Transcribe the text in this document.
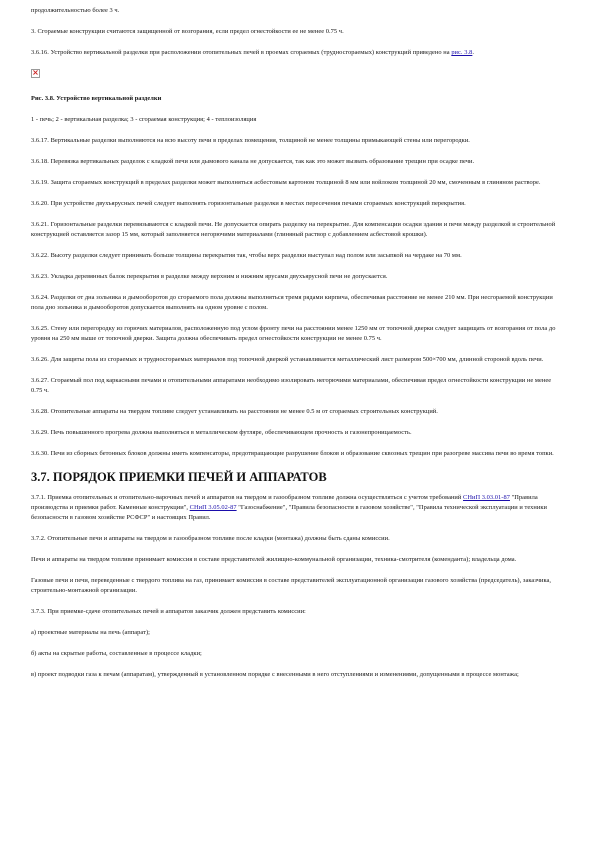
продолжительностью более 3 ч.

3. Сгораемые конструкции считаются защищенной от возгорания, если предел огнестойкости ее не менее 0.75 ч.

3.6.16. Устройство вертикальной разделки при расположении отопительных печей в проемах сгораемых (трудносгораемых) конструкций приведено на рис. 3.8.

×

Рис. 3.8. Устройство вертикальной разделки

1 - печь; 2 - вертикальная разделка; 3 - сгораемая конструкция; 4 - теплоизоляция

3.6.17. Вертикальные разделки выполняются на всю высоту печи в пределах помещения, толщиной не менее толщины примыкающей стены или перегородки.

3.6.18. Перевязка вертикальных разделок с кладкой печи или дымового канала не допускается, так как это может вызвать образование трещин при осадке печи.

3.6.19. Защита сгораемых конструкций в пределах разделки может выполняться асбестовым картоном толщиной 8 мм или войлоком толщиной 20 мм, смоченным в глиняном растворе.

3.6.20. При устройстве двухъярусных печей следует выполнять горизонтальные разделки в местах пересечения печами сгораемых конструкций перекрытия.

3.6.21. Горизонтальные разделки перевязываются с кладкой печи. Не допускается опирать разделку на перекрытие. Для компенсации осадки здания и печи между разделкой и строительной конструкцией оставляется зазор 15 мм, который заполняется негорючими материалами (глиняный раствор с добавлением асбестовой крошки).

3.6.22. Высоту разделки следует принимать больше толщины перекрытия так, чтобы верх разделки выступал над полом или засыпкой на чердаке на 70 мм.

3.6.23. Укладка деревянных балок перекрытия в разделке между верхним и нижним ярусами двухъярусной печи не допускается.

3.6.24. Разделки от дна зольника и дымооборотов до сгораемого пола должны выполняться тремя рядами кирпича, обеспечивая расстояние не менее 210 мм. При несгораемой конструкции пола дно зольника и дымооборотов допускается выполнять на одном уровне с полом.

3.6.25. Стену или перегородку из горючих материалов, расположенную под углом фронту печи на расстоянии менее 1250 мм от топочной дверки следует защищать от возгорания от пола до уровня на 250 мм выше от топочной дверки. Защита должна обеспечивать предел огнестойкости конструкции не менее 0.75 ч.

3.6.26. Для защиты пола из сгораемых и трудносгораемых материалов под топочной дверкой устанавливается металлический лист размером 500×700 мм, длинной стороной вдоль печи.

3.6.27. Сгораемый пол под каркасными печами и отопительными аппаратами необходимо изолировать негорючими материалами, обеспечивая предел огнестойкости конструкции не менее 0.75 ч.

3.6.28. Отопительные аппараты на твердом топливе следует устанавливать на расстоянии не менее 0.5 м от сгораемых строительных конструкций.

3.6.29. Печь повышенного прогрева должна выполняться в металлическом футляре, обеспечивающем прочность и газонепроницаемость.

3.6.30. Печи из сборных бетонных блоков должны иметь компенсаторы, предотвращающие разрушение блоков и образование сквозных трещин при разогреве массива печи во время топки.

3.7. ПОРЯДОК ПРИЕМКИ ПЕЧЕЙ И АППАРАТОВ

3.7.1. Приемка отопительных и отопительно-варочных печей и аппаратов на твердом и газообразном топливе должна осуществляться с учетом требований СНиП 3.03.01-87 "Правила производства и приемки работ. Каменные конструкции", СНиП 3.05.02-87 "Газоснабжение", "Правила безопасности в газовом хозяйстве", "Правила технической эксплуатации и техники безопасности в газовом хозяйстве РСФСР" и настоящих Правил.

3.7.2. Отопительные печи и аппараты на твердом и газообразном топливе после кладки (монтажа) должны быть сданы комиссии.

Печи и аппараты на твердом топливе принимает комиссия в составе представителей жилищно-коммунальной организации, техника-смотрителя (коменданта); владельца дома.

Газовые печи и печи, переведенные с твердого топлива на газ, принимает комиссия в составе представителей эксплуатационной организации газового хозяйства (председатель), заказчика, строительно-монтажной организации.

3.7.3. При приемке-сдаче отопительных печей и аппаратов заказчик должен представить комиссии:

а) проектные материалы на печь (аппарат);

б) акты на скрытые работы, составленные в процессе кладки;

в) проект подводки газа к печам (аппаратам), утвержденный в установленном порядке с внесенными в него отступлениями и изменениями, допущенными в процессе монтажа;
